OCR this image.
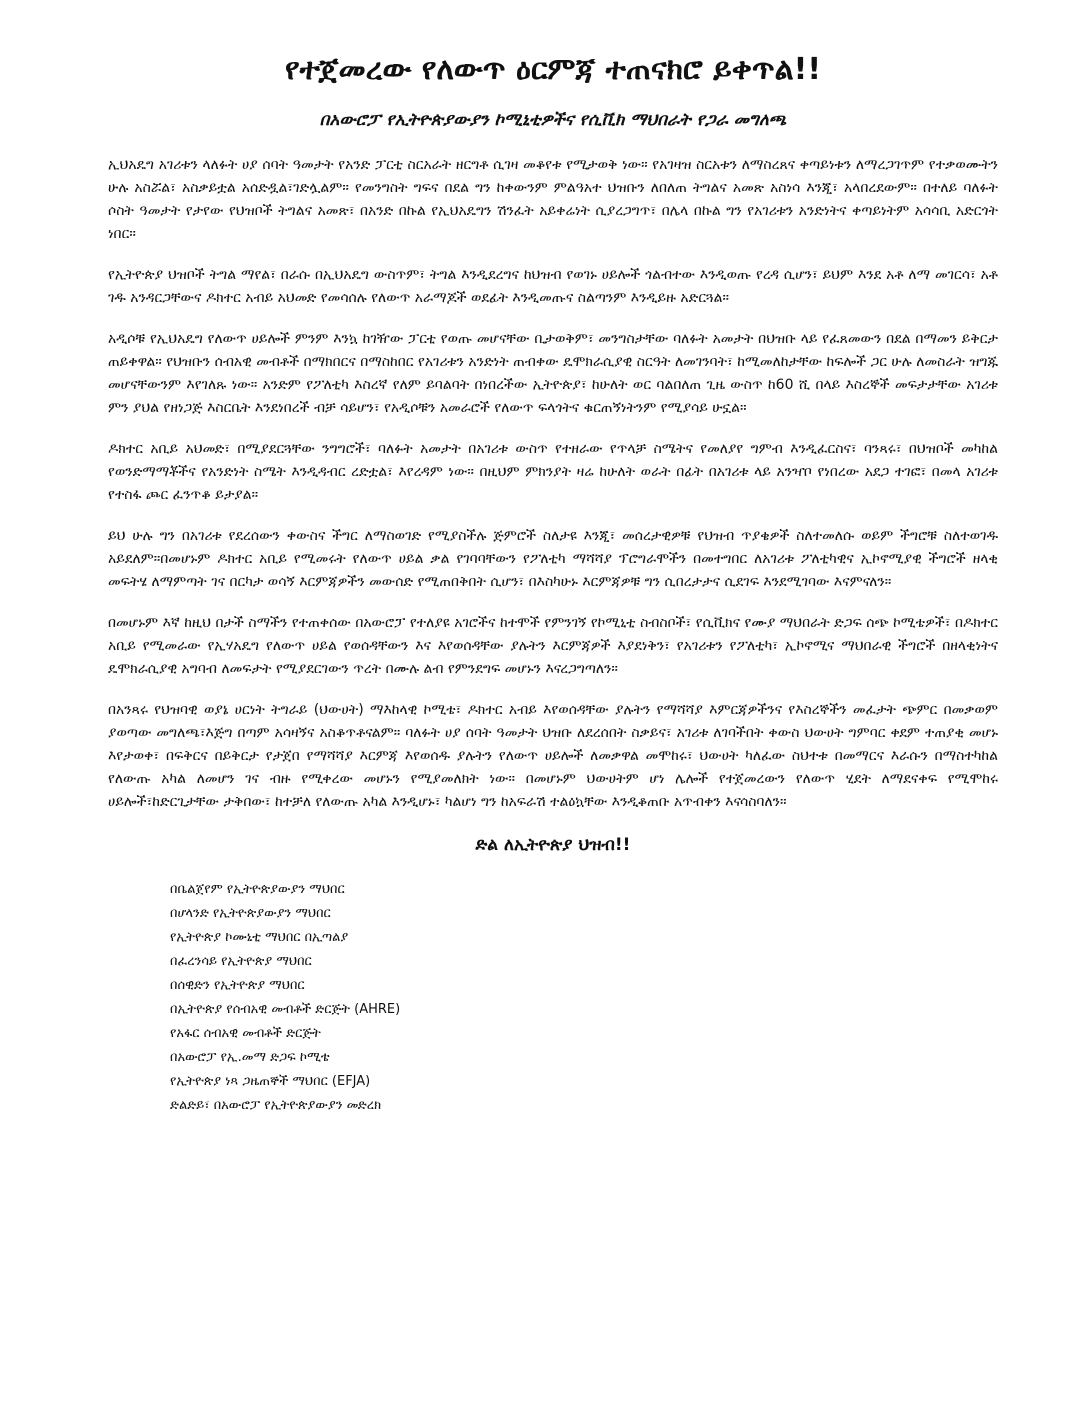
የተጀመረው የለውጥ ዕርምጃ ተጠናክሮ ይቀጥል!!
በአውሮፓ የኢትዮጵያውያን ኮሚኒቲዎችና የሲቪክ ማህበራት የጋራ መግለጫ

ኢህአዴግ አገሪቱን ላለፉት ሀያ ሰባት ዓመታት የአንድ ፓርቲ ስርአራት ዘርግቶ ሲገዛ መቆየቱ የሚታወቅ ነው። የአገዛዝ ስርአቱን ለማስረጸና ቀጣይነቱን ለማረጋገጥም የተቃወሙትን ሁሉ አስሯል፣ አስቃይቷል አሰድዷል፣ገድሏልም። የመንግስት ግፍና በደል ግን ከቀውንም ምልዓአተ ህዝቡን ለበለጠ ትግልና አመጽ አስነሳ እንጂ፣ አላበረደውም። በተለይ ባለፉት ሶስት ዓመታት የታየው የህዝቦች ትግልና አመጽ፣ በአንድ በኩል የኢህአዴግን ሽንፈት አይቀሬነት ሲያረጋግጥ፣ በሌላ በኩል ግን የአገሪቱን አንድነትና ቀጣይነትም አሳሳቢ አድርጎት ነበር።

የኢትዮጵያ ህዝቦች ትግል ማየል፣ በራሱ በኢህአዴግ ውስጥም፣ ትግል እንዲደረግና ከህዝብ የወገኑ ሀይሎች ጎልብተው እንዲወጡ የረዳ ሲሆን፣ ይህም እንደ አቶ ለማ መገርሳ፣ አቶ ገዱ አንዳርጋቸውና ዶክተር አብይ አህመድ የመሳሰሉ የለውጥ አራማጆች ወደፊት እንዲመጡና ስልጣንም እንዲይዙ አድርጓል።

አዲሶቹ የኢህአዴግ የለውጥ ሀይሎች ምንም እንኳ ከገዥው ፓርቲ የወጡ መሆናቸው ቢታወቅም፣ መንግስታቸው ባለፉት አመታት በህዝቡ ላይ የፈጸመውን በደል በማመን ይቅርታ ጠይቀዋል። የህዝቡን ሰብአዊ መብቶች በማክበርና በማስከበር የአገሪቱን አንድነት ጠብቀው ዴሞክራሲያዊ ስርዓት ለመገንባት፣ ከሚመለከታቸው ከፍሎች ጋር ሁሉ ለመስራት ዝግጁ መሆናቸውንም እየገለጹ ነው። አንድም የፖለቲካ እስረኛ የለም ይባልባት በነበረችው ኢትዮጵያ፣ ከሁለት ወር ባልበለጠ ጊዜ ውስጥ ከ60 ሺ በላይ እስረኞች መፍታታቸው አገሪቱ ምን ያህል የዘነጋጅ እስርቤት እንደነበረች ብቻ ሳይሆን፣ የአዲሶቹን አመራሮች የለውጥ ፍላጎትና ቁርጠኝነትንም የሚያሳይ ሁኗል።

ዶክተር አቢይ አህመድ፣ በሚያደርጓቸው ንግግሮች፣ ባለፉት አመታት በአገሪቱ ውስጥ የተዘራው የጥላቻ ስሜትና የመለያየ ግምብ እንዲፈርስና፣ ባንጻሩ፣ በህዝቦች መካከል የወንድማማቾችና የአንድነት ስሜት እንዲዳብር ረድቷል፣ እየረዳም ነው። በዚህም ምክንያት ዛሬ ከሁለት ወራት በፊት በአገሪቱ ላይ አንዣቦ የነበረው አደጋ ተገፎ፣ በመላ አገሪቱ የተስፋ ጮር ፈንጥቆ ይታያል።

ይህ ሁሉ ግን በአገሪቱ የደረሰውን ቀውስና ችግር ለማስወገድ የሚያስችሉ ጅምሮች ስለታዩ እንጂ፣ መሰረታዊዎቹ የህዝብ ጥያቄዎች ስለተመለሱ ወይም ችግሮቹ ስለተወገዱ አይደለም።በመሆኑም ዶክተር አቢይ የሚመሩት የለውጥ ሀይል ቃል የገባባቸውን የፖለቲካ ማሻሻያ ፕሮግራሞችን በመተግበር ለአገሪቱ ፖለቲካዊና ኢኮኖሚያዊ ችግሮች ዘላቂ መፍትሄ ለማምጣት ገና በርካታ ወሳኝ እርምጃዎችን መውሰድ የሚጠበቅበት ሲሆን፣ በእስካሁኑ እርምጃዎቹ ግን ሲበረታታና ሲደገፍ እንደሚገባው እናምናለን።

በመሆኑም እኛ ከዚህ በታች ስማችን የተጠቀሰው በአውሮፓ የተለያዩ አገሮችና ከተሞች የምንገኝ የኮሚኒቲ ስብስቦች፣ የሲቪክና የሙያ ማህበራት ድጋፍ ሰጭ ኮሚቴዎች፣ በዶክተር አቢይ የሚመራው የኢሃአዴግ የለውጥ ሀይል የወሰዳቸውን እና እየወሰዳቸው ያሉትን እርምጃዎች እያደነቅን፣ የአገሪቱን የፖለቲካ፣ ኢኮኖሚና ማህበራዊ ችግሮች በዘላቂነትና ዴሞክራሲያዊ አግባብ ለመፍታት የሚያደርገውን ጥረት በሙሉ ልብ የምንደግፍ መሆኑን እናረጋግጣለን።

በአንጻሩ የህዝባዊ ወያኔ ሀርነት ትግራይ (ህውሀት) ማእከላዊ ኮሚቴ፣ ዶክተር አብይ እየወሰዳቸው ያሉትን የማሻሻያ እምርጃዎችንና የእስረኞችን መፈታት ጭምር በመቃወም ያወጣው መግለጫ፣እጅግ በጣም አሳዛኝና አስቆጥቶናልም። ባለፉት ሀያ ሰባት ዓመታት ህዝቡ ለደረሰበት ስቃይና፣ አገሪቱ ለገባችበት ቀውስ ህውሀት ግምባር ቀደም ተጠያቂ መሆኑ እየታወቀ፣ በፍቅርና በይቅርታ የታጀበ የማሻሻያ እርምጃ እየወሰዱ ያሉትን የለውጥ ሀይሎች ለመቃዋል መሞከሩ፣ ህውሀት ካለፈው ስህተቱ በመማርና እራሱን በማስተካከል የለውጡ አካል ለመሆን ገና ብዙ የሚቀረው መሆኑን የሚያመለክት ነው። በመሆኑም ህውሀትም ሆነ ሌሎች የተጀመረውን የለውጥ ሂደት ለማደናቀፍ የሚሞከሩ ሀይሎች፣ከድርጊታቸው ታቅበው፣ ከተቻለ የለውጡ አካል እንዲሆኑ፣ ካልሆነ ግን ከአፍራሽ ተልዕኳቸው እንዲቆጠቡ አጥብቀን እናሳስባለን።

ድል ለኢትዮጵያ ህዝብ!!
በቤልጀየም የኢትዮጵያውያን ማህበር
በሆላንድ የኢትዮጵያውያን ማህበር
የኢትዮጵያ ኮሙኒቲ ማህበር በኢጣልያ
በፈረንሳይ የኢትዮጵያ ማህበር
በሰዊድን የኢትዮጵያ ማህበር
በኢትዮጵያ የሰብአዊ መብቶች ድርጅት (AHRE)
የአፋር ሰብአዊ መብቶች ድርጅት
በአውሮፓ የኢ.መማ ድጋፍ ኮሚቴ
የኢትዮጵያ ነጻ ጋዜጠኞች ማህበር (EFJA)
ድልድይ፣ በአውሮፓ የኢትዮጵያውያን መድረክ
